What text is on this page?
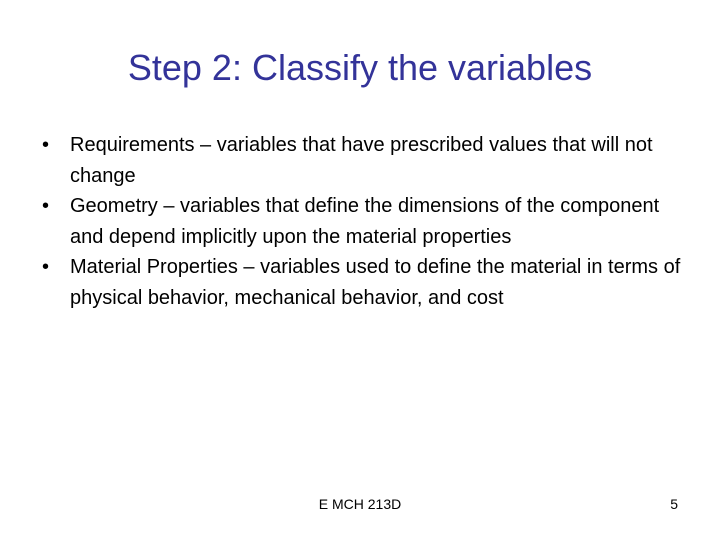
Step 2: Classify the variables
•	Requirements – variables that have prescribed values that will not change
•	Geometry – variables that define the dimensions of the component and depend implicitly upon the material properties
•	Material Properties – variables used to define the material in terms of physical behavior, mechanical behavior, and cost
E MCH 213D	5
